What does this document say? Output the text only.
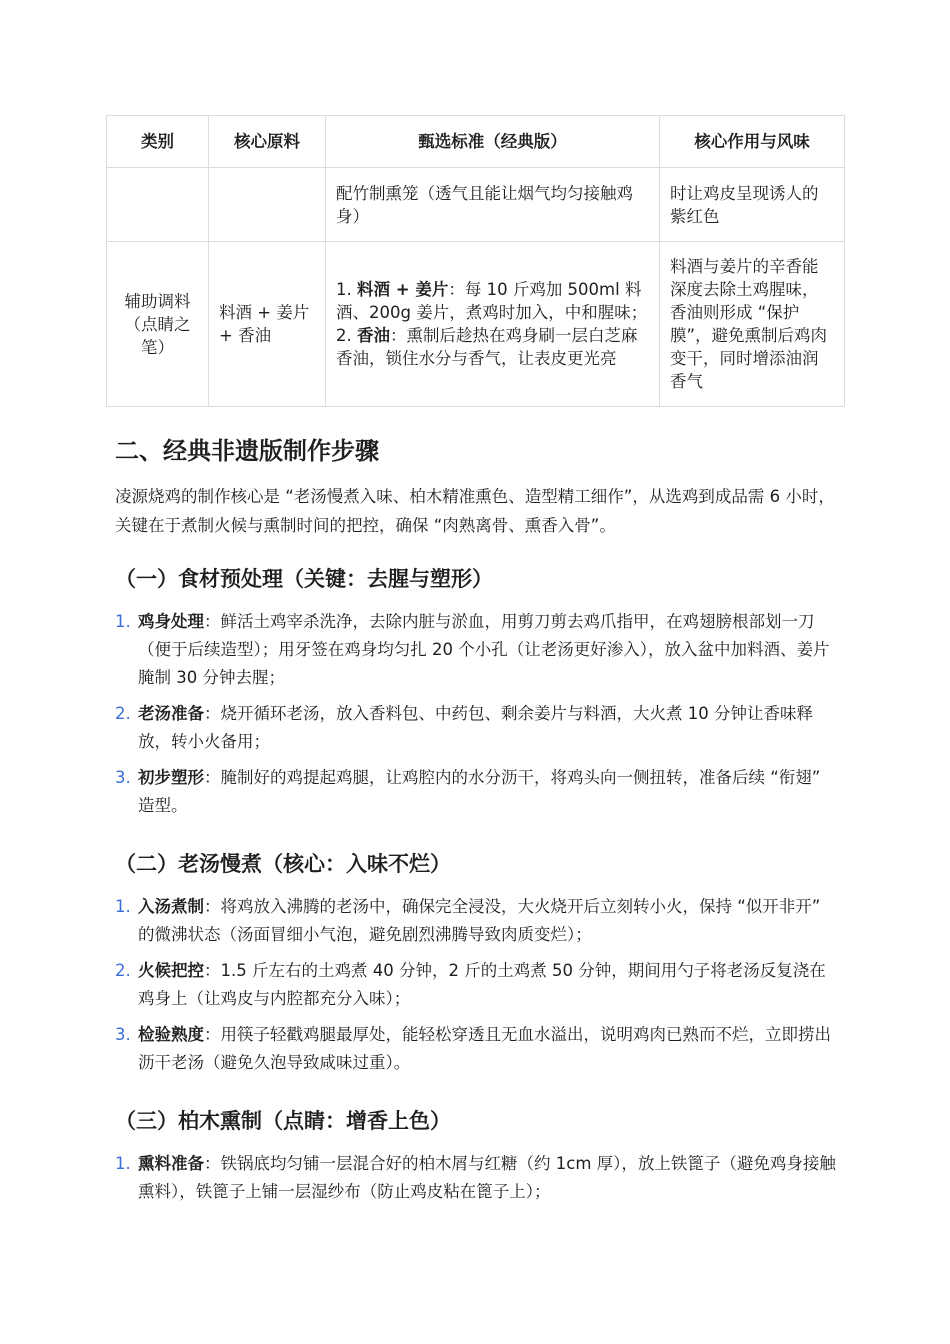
类别	核心原料	甄选标准（经典版）	核心作用与风味
		配竹制熏笼（透气且能让烟气均匀接触鸡身）	时让鸡皮呈现诱人的紫红色
辅助调料（点睛之笔）	料酒 + 姜片 + 香油	1. 料酒 + 姜片：每 10 斤鸡加 500ml 料酒、200g 姜片，煮鸡时加入，中和腥味；2. 香油：熏制后趁热在鸡身刷一层白芝麻香油，锁住水分与香气，让表皮更光亮	料酒与姜片的辛香能深度去除土鸡腥味，香油则形成 “保护膜”，避免熏制后鸡肉变干，同时增添油润香气
二、经典非遗版制作步骤

凌源烧鸡的制作核心是 “老汤慢煮入味、柏木精准熏色、造型精工细作”，从选鸡到成品需 6 小时，关键在于煮制火候与熏制时间的把控，确保 “肉熟离骨、熏香入骨”。

（一）食材预处理（关键：去腥与塑形）
1. 鸡身处理：鲜活土鸡宰杀洗净，去除内脏与淤血，用剪刀剪去鸡爪指甲，在鸡翅膀根部划一刀（便于后续造型）；用牙签在鸡身均匀扎 20 个小孔（让老汤更好渗入），放入盆中加料酒、姜片腌制 30 分钟去腥；
2. 老汤准备：烧开循环老汤，放入香料包、中药包、剩余姜片与料酒，大火煮 10 分钟让香味释放，转小火备用；
3. 初步塑形：腌制好的鸡提起鸡腿，让鸡腔内的水分沥干，将鸡头向一侧扭转，准备后续 “衔翅” 造型。
（二）老汤慢煮（核心：入味不烂）
1. 入汤煮制：将鸡放入沸腾的老汤中，确保完全浸没，大火烧开后立刻转小火，保持 “似开非开” 的微沸状态（汤面冒细小气泡，避免剧烈沸腾导致肉质变烂）；
2. 火候把控：1.5 斤左右的土鸡煮 40 分钟，2 斤的土鸡煮 50 分钟，期间用勺子将老汤反复浇在鸡身上（让鸡皮与内腔都充分入味）；
3. 检验熟度：用筷子轻戳鸡腿最厚处，能轻松穿透且无血水溢出，说明鸡肉已熟而不烂，立即捞出沥干老汤（避免久泡导致咸味过重）。
（三）柏木熏制（点睛：增香上色）
1. 熏料准备：铁锅底均匀铺一层混合好的柏木屑与红糖（约 1cm 厚），放上铁篦子（避免鸡身接触熏料），铁篦子上铺一层湿纱布（防止鸡皮粘在篦子上）；
